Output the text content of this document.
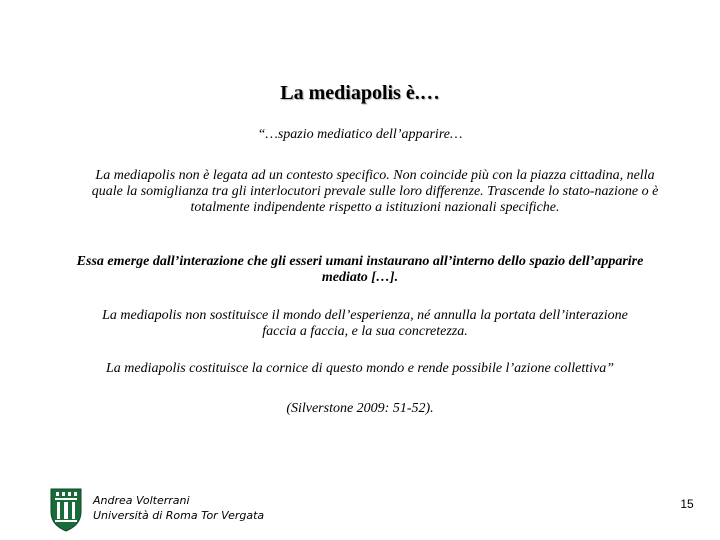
La mediapolis è.…

“…spazio mediatico dell’apparire…

La mediapolis non è legata ad un contesto specifico. Non coincide più con la piazza cittadina, nella quale la somiglianza tra gli interlocutori prevale sulle loro differenze. Trascende lo stato-nazione o è totalmente indipendente rispetto a istituzioni nazionali specifiche.

Essa emerge dall’interazione che gli esseri umani instaurano all’interno dello spazio dell’apparire mediato […].

La mediapolis non sostituisce il mondo dell’esperienza, né annulla la portata dell’interazione faccia a faccia, e la sua concretezza.

La mediapolis costituisce la cornice di questo mondo e rende possibile l’azione collettiva”

(Silverstone 2009: 51-52).

Andrea Volterrani
Università di Roma Tor Vergata
15
